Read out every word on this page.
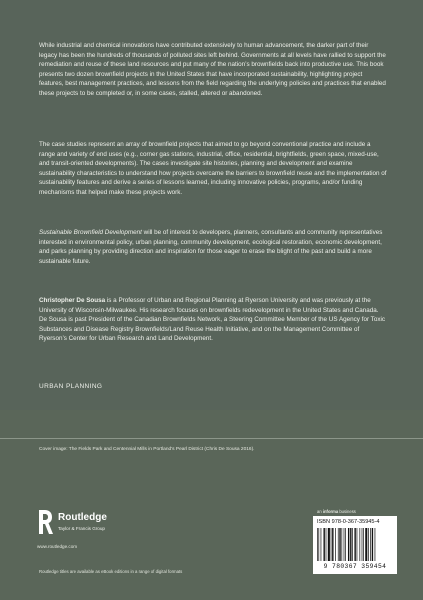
While industrial and chemical innovations have contributed extensively to human advancement, the darker part of their legacy has been the hundreds of thousands of polluted sites left behind. Governments at all levels have rallied to support the remediation and reuse of these land resources and put many of the nation’s brownfields back into productive use. This book presents two dozen brownfield projects in the United States that have incorporated sustainability, highlighting project features, best management practices, and lessons from the field regarding the underlying policies and practices that enabled these projects to be completed or, in some cases, stalled, altered or abandoned.

The case studies represent an array of brownfield projects that aimed to go beyond conventional practice and include a range and variety of end uses (e.g., corner gas stations, industrial, office, residential, brightfields, green space, mixed-use, and transit-oriented developments). The cases investigate site histories, planning and development and examine sustainability characteristics to understand how projects overcame the barriers to brownfield reuse and the implementation of sustainability features and derive a series of lessons learned, including innovative policies, programs, and/or funding mechanisms that helped make these projects work.

Sustainable Brownfield Development will be of interest to developers, planners, consultants and community representatives interested in environmental policy, urban planning, community development, ecological restoration, economic development, and parks planning by providing direction and inspiration for those eager to erase the blight of the past and build a more sustainable future.

Christopher De Sousa is a Professor of Urban and Regional Planning at Ryerson University and was previously at the University of Wisconsin-Milwaukee. His research focuses on brownfields redevelopment in the United States and Canada. De Sousa is past President of the Canadian Brownfields Network, a Steering Committee Member of the US Agency for Toxic Substances and Disease Registry Brownfields/Land Reuse Health Initiative, and on the Management Committee of Ryerson’s Center for Urban Research and Land Development.

URBAN PLANNING
Cover image: The Fields Park and Centennial Mills in Portland’s Pearl District (Chris De Sousa 2016).
Routledge
Taylor & Francis Group
www.routledge.com
Routledge titles are available as eBook editions in a range of digital formats
an informa business
ISBN 978-0-367-35945-4
9 780367 359454
